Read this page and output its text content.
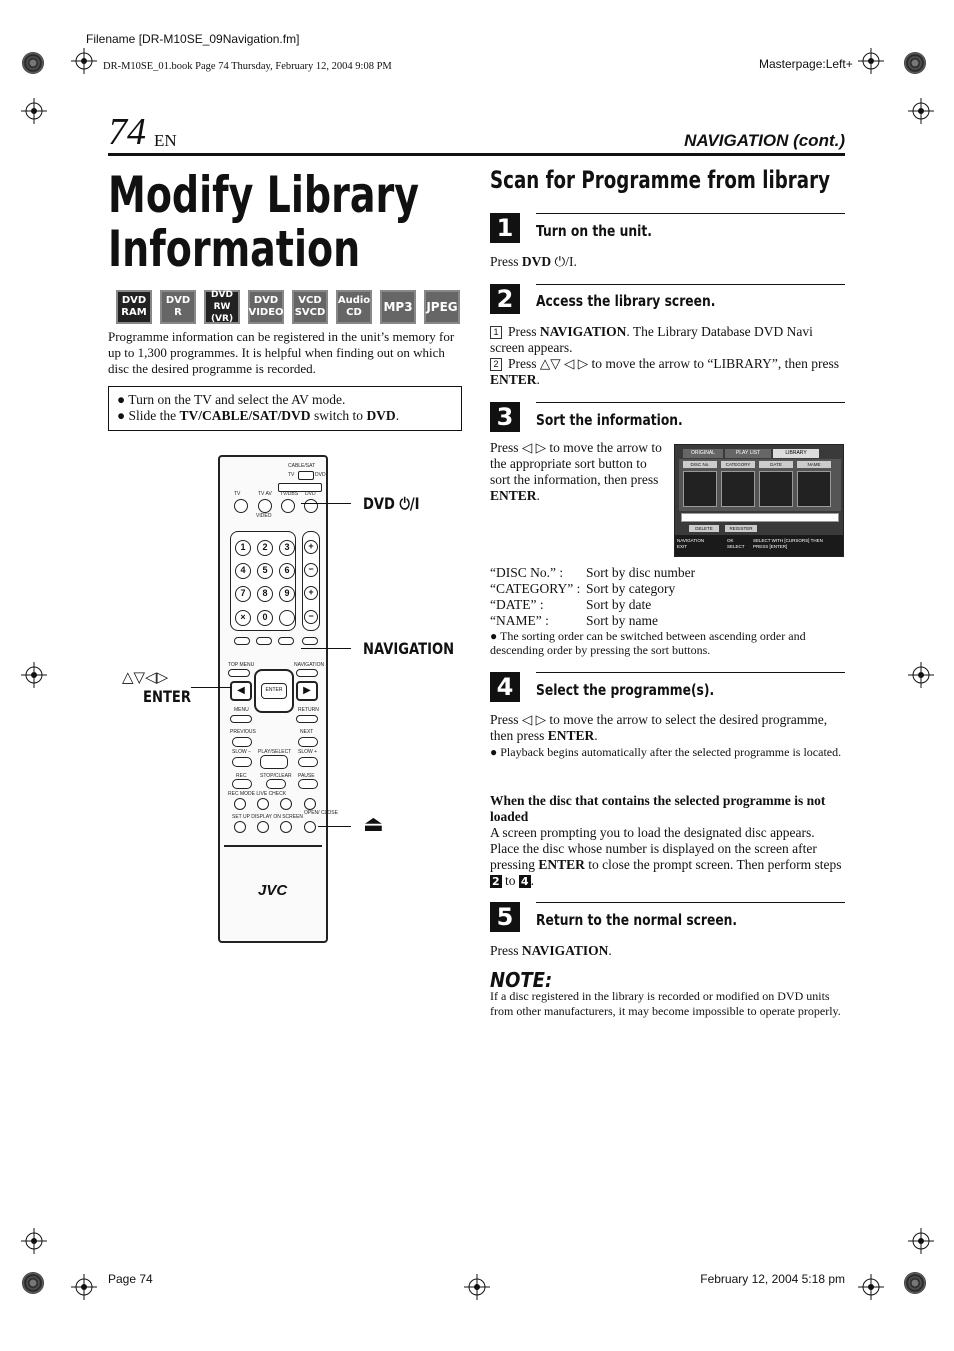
Filename [DR-M10SE_09Navigation.fm]
DR-M10SE_01.book Page 74 Thursday, February 12, 2004 9:08 PM	Masterpage:Left+
74 EN	NAVIGATION (cont.)
Modify Library
Information
DVD
RAM
DVD
R
DVD
RW (VR)
DVD
VIDEO
VCD
SVCD
Audio
CD MP3 JPEG
Programme information can be registered in the unit’s memory for up to 1,300 programmes. It is helpful when finding out on which disc the desired programme is recorded.
● Turn on the TV and select the AV mode.
● Slide the TV/CABLE/SAT/DVD switch to DVD.
CABLE/SAT
TV	DVD
TV	TV AV TV/DBS DVD
VIDEO
1	2	3	+
4	5	6	−
7	8	9	+
×	0	−
TOP MENU	NAVIGATION
◀	▶
ENTER
MENU	RETURN
PREVIOUS	NEXT
SLOW − PLAY/SELECT SLOW +
REC	STOP/CLEAR PAUSE
REC MODE LIVE CHECK
SET UP DISPLAY ON SCREEN
OPEN/ CLOSE
JVC
DVD ⏻/I
NAVIGATION
△▽◁▷
ENTER
⏏
Scan for Programme from library
1	Turn on the unit.
Press DVD ⏻/I.
2	Access the library screen.
1 Press NAVIGATION. The Library Database DVD Navi screen appears.
2 Press △▽ ◁ ▷ to move the arrow to “LIBRARY”, then press ENTER.
3	Sort the information.
Press ◁ ▷ to move the arrow to the appropriate sort button to sort the information, then press ENTER.
ORIGINAL	PLAY LIST	LIBRARY
DISC No.	CATEGORY	DATE	NAME
DELETE	REGISTER
NAVIGATION EXIT
OK SELECT
SELECT WITH [CURSORS] THEN PRESS [ENTER]
“DISC No.” : Sort by disc number
“CATEGORY” : Sort by category
“DATE” :	Sort by date
“NAME” :	Sort by name
● The sorting order can be switched between ascending order and descending order by pressing the sort buttons.
4	Select the programme(s).
Press ◁ ▷ to move the arrow to select the desired programme, then press ENTER.
● Playback begins automatically after the selected programme is located.
When the disc that contains the selected programme is not loaded
A screen prompting you to load the designated disc appears. Place the disc whose number is displayed on the screen after pressing ENTER to close the prompt screen. Then perform steps 2 to 4 .
5	Return to the normal screen.
Press NAVIGATION.
NOTE:
If a disc registered in the library is recorded or modified on DVD units from other manufacturers, it may become impossible to operate properly.
Page 74	February 12, 2004 5:18 pm
